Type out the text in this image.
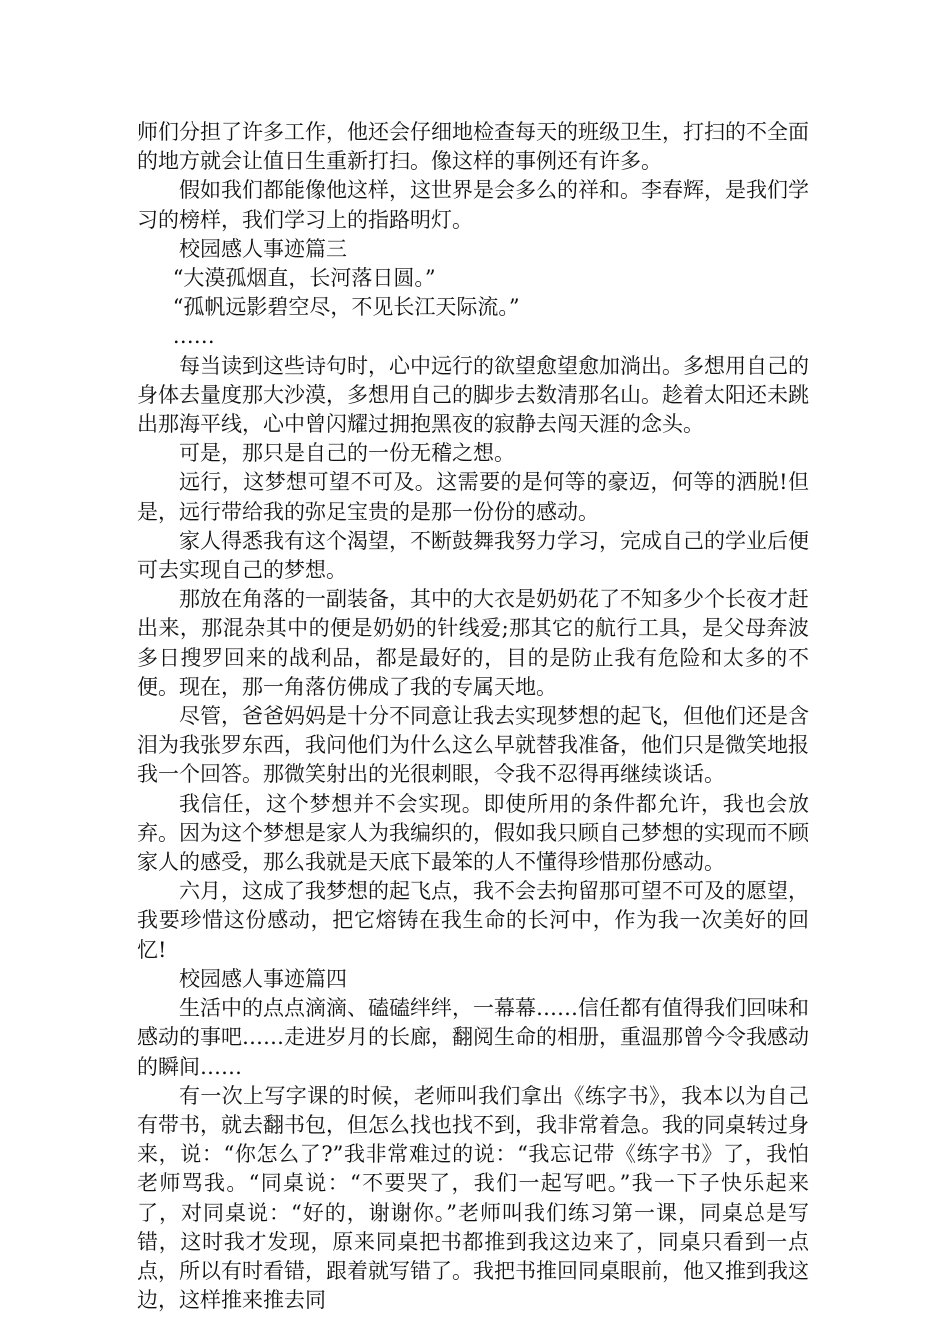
师们分担了许多工作，他还会仔细地检查每天的班级卫生，打扫的不全面的地方就会让值日生重新打扫。像这样的事例还有许多。

假如我们都能像他这样，这世界是会多么的祥和。李春辉，是我们学习的榜样，我们学习上的指路明灯。

校园感人事迹篇三

“大漠孤烟直，长河落日圆。”

“孤帆远影碧空尽，不见长江天际流。”

……

每当读到这些诗句时，心中远行的欲望愈望愈加淌出。多想用自己的身体去量度那大沙漠，多想用自己的脚步去数清那名山。趁着太阳还未跳出那海平线，心中曾闪耀过拥抱黑夜的寂静去闯天涯的念头。

可是，那只是自己的一份无稽之想。

远行，这梦想可望不可及。这需要的是何等的豪迈，何等的洒脱!但是，远行带给我的弥足宝贵的是那一份份的感动。

家人得悉我有这个渴望，不断鼓舞我努力学习，完成自己的学业后便可去实现自己的梦想。

那放在角落的一副装备，其中的大衣是奶奶花了不知多少个长夜才赶出来，那混杂其中的便是奶奶的针线爱;那其它的航行工具，是父母奔波多日搜罗回来的战利品，都是最好的，目的是防止我有危险和太多的不便。现在，那一角落仿佛成了我的专属天地。

尽管，爸爸妈妈是十分不同意让我去实现梦想的起飞，但他们还是含泪为我张罗东西，我问他们为什么这么早就替我准备，他们只是微笑地报我一个回答。那微笑射出的光很刺眼，令我不忍得再继续谈话。

我信任，这个梦想并不会实现。即使所用的条件都允许，我也会放弃。因为这个梦想是家人为我编织的，假如我只顾自己梦想的实现而不顾家人的感受，那么我就是天底下最笨的人不懂得珍惜那份感动。

六月，这成了我梦想的起飞点，我不会去拘留那可望不可及的愿望，我要珍惜这份感动，把它熔铸在我生命的长河中，作为我一次美好的回忆!

校园感人事迹篇四

生活中的点点滴滴、磕磕绊绊，一幕幕……信任都有值得我们回味和感动的事吧……走进岁月的长廊，翻阅生命的相册，重温那曾今令我感动的瞬间……

有一次上写字课的时候，老师叫我们拿出《练字书》，我本以为自己有带书，就去翻书包，但怎么找也找不到，我非常着急。我的同桌转过身来，说：“你怎么了?”我非常难过的说：“我忘记带《练字书》了，我怕老师骂我。“同桌说：“不要哭了，我们一起写吧。”我一下子快乐起来了，对同桌说：“好的，谢谢你。”老师叫我们练习第一课，同桌总是写错，这时我才发现，原来同桌把书都推到我这边来了，同桌只看到一点点，所以有时看错，跟着就写错了。我把书推回同桌眼前，他又推到我这边，这样推来推去同
